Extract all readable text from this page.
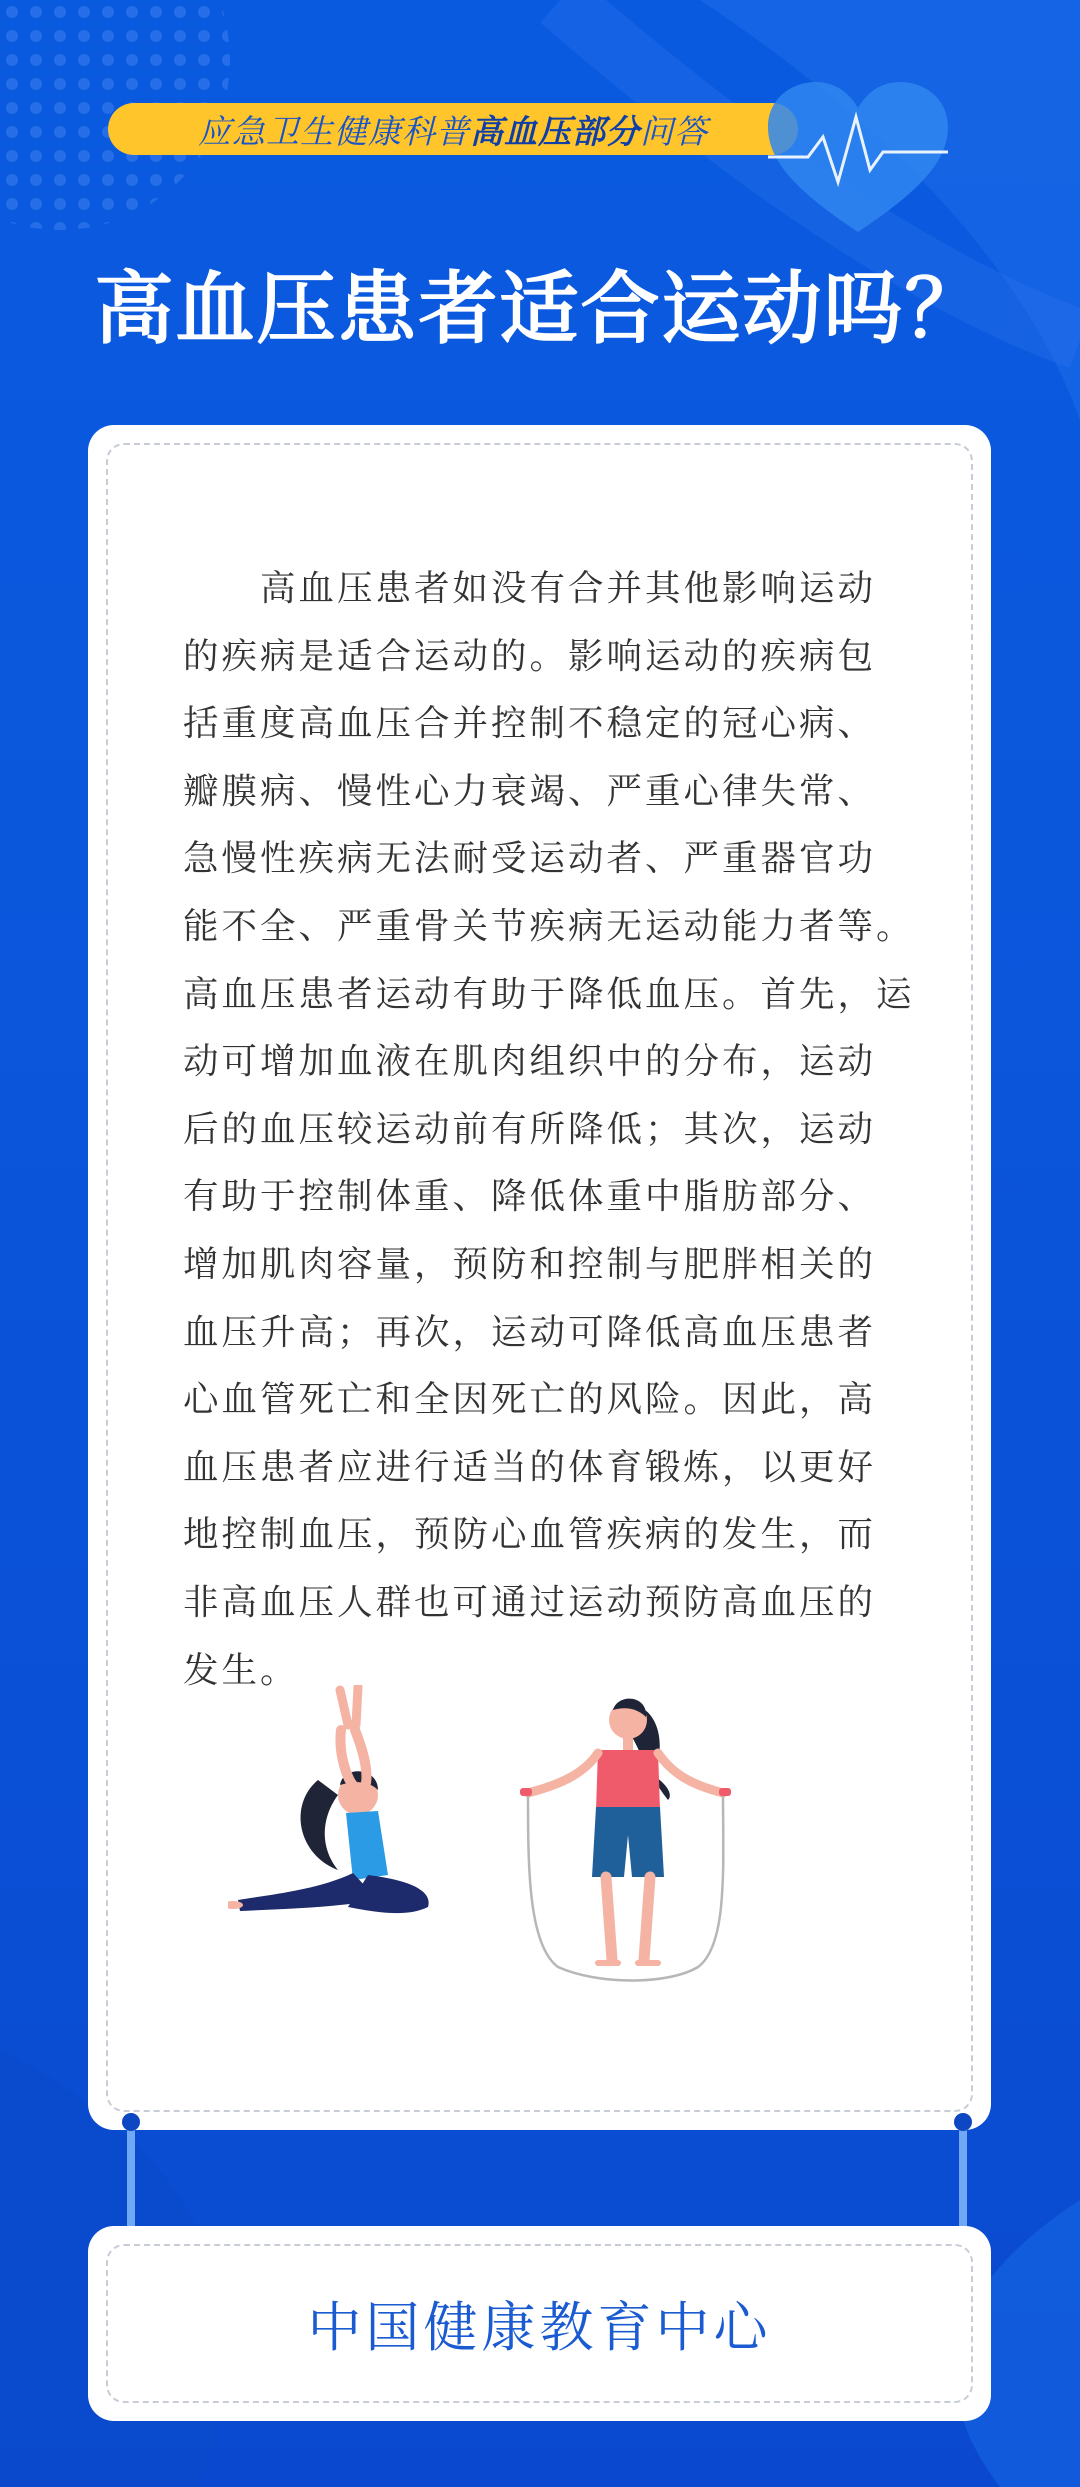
应急卫生健康科普 高血压部分 问答
高血压患者适合运动吗？

　　高血压患者如没有合并其他影响运动

的疾病是适合运动的。影响运动的疾病包

括重度高血压合并控制不稳定的冠心病、

瓣膜病、慢性心力衰竭、严重心律失常、

急慢性疾病无法耐受运动者、严重器官功

能不全、严重骨关节疾病无运动能力者等。

高血压患者运动有助于降低血压。首先，运

动可增加血液在肌肉组织中的分布，运动

后的血压较运动前有所降低；其次，运动

有助于控制体重、降低体重中脂肪部分、

增加肌肉容量，预防和控制与肥胖相关的

血压升高；再次，运动可降低高血压患者

心血管死亡和全因死亡的风险。因此，高

血压患者应进行适当的体育锻炼，以更好

地控制血压，预防心血管疾病的发生，而

非高血压人群也可通过运动预防高血压的

发生。

中国健康教育中心
